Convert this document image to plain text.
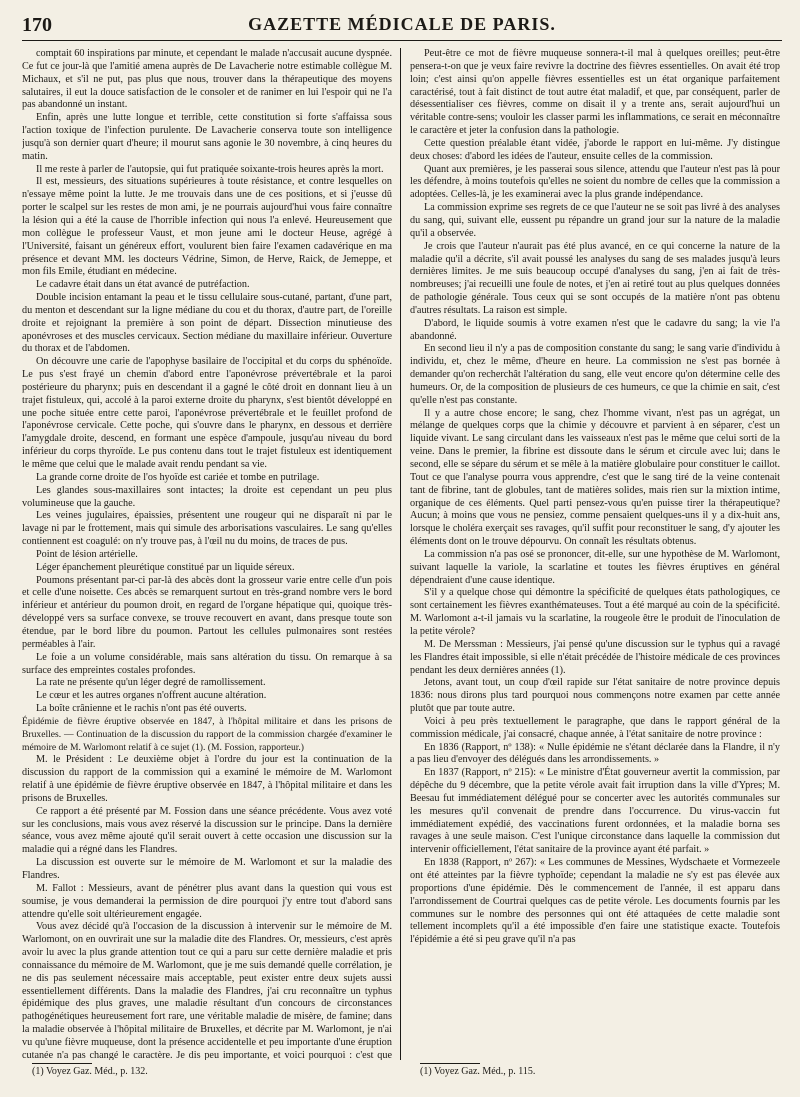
170	GAZETTE MÉDICALE DE PARIS.

comptait 60 inspirations par minute, et cependant le malade n'accusait aucune dyspnée. Ce fut ce jour-là que l'amitié amena auprès de De Lavacherie notre estimable collègue M. Michaux, et s'il ne put, pas plus que nous, trouver dans la thérapeutique des moyens salutaires, il eut la douce satisfaction de le consoler et de ranimer en lui l'espoir qui ne l'a pas abandonné un instant.

Enfin, après une lutte longue et terrible, cette constitution si forte s'affaissa sous l'action toxique de l'infection purulente. De Lavacherie conserva toute son intelligence jusqu'à son dernier quart d'heure; il mourut sans agonie le 30 novembre, à cinq heures du matin.

Il me reste à parler de l'autopsie, qui fut pratiquée soixante-trois heures après la mort.

Il est, messieurs, des situations supérieures à toute résistance, et contre lesquelles on n'essaye même point la lutte. Je me trouvais dans une de ces positions, et si j'eusse dû porter le scalpel sur les restes de mon ami, je ne pourrais aujourd'hui vous faire connaître la lésion qui a été la cause de l'horrible infection qui nous l'a enlevé. Heureusement que mon collègue le professeur Vaust, et mon jeune ami le docteur Heuse, agrégé à l'Université, faisant un généreux effort, voulurent bien faire l'examen cadavérique en ma présence et devant MM. les docteurs Védrine, Simon, de Herve, Raick, de Jemeppe, et mon fils Emile, étudiant en médecine.

Le cadavre était dans un état avancé de putréfaction.

Double incision entamant la peau et le tissu cellulaire sous-cutané, partant, d'une part, du menton et descendant sur la ligne médiane du cou et du thorax, d'autre part, de l'oreille droite et rejoignant la première à son point de départ. Dissection minutieuse des aponévroses et des muscles cervicaux. Section médiane du maxillaire inférieur. Ouverture du thorax et de l'abdomen.

On découvre une carie de l'apophyse basilaire de l'occipital et du corps du sphénoïde. Le pus s'est frayé un chemin d'abord entre l'aponévrose prévertébrale et la paroi postérieure du pharynx; puis en descendant il a gagné le côté droit en donnant lieu à un trajet fistuleux, qui, accolé à la paroi externe droite du pharynx, s'est bientôt développé en une poche située entre cette paroi, l'aponévrose prévertébrale et le feuillet profond de l'aponévrose cervicale. Cette poche, qui s'ouvre dans le pharynx, en dessous et derrière l'amygdale droite, descend, en formant une espèce d'ampoule, jusqu'au niveau du bord inférieur du corps thyroïde. Le pus contenu dans tout le trajet fistuleux est identiquement le même que celui que le malade avait rendu pendant sa vie.

La grande corne droite de l'os hyoïde est cariée et tombe en putrilage.

Les glandes sous-maxillaires sont intactes; la droite est cependant un peu plus volumineuse que la gauche.

Les veines jugulaires, épaissies, présentent une rougeur qui ne disparaît ni par le lavage ni par le frottement, mais qui simule des arborisations vasculaires. Le sang qu'elles contiennent est coagulé: on n'y trouve pas, à l'œil nu du moins, de traces de pus.

Point de lésion artérielle.

Léger épanchement pleurétique constitué par un liquide séreux.

Poumons présentant par-ci par-là des abcès dont la grosseur varie entre celle d'un pois et celle d'une noisette. Ces abcès se remarquent surtout en très-grand nombre vers le bord inférieur et antérieur du poumon droit, en regard de l'organe hépatique qui, quoique très-développé vers sa surface convexe, se trouve recouvert en avant, dans presque toute son étendue, par le bord libre du poumon. Partout les cellules pulmonaires sont restées perméables à l'air.

Le foie a un volume considérable, mais sans altération du tissu. On remarque à sa surface des empreintes costales profondes.

La rate ne présente qu'un léger degré de ramollissement.

Le cœur et les autres organes n'offrent aucune altération.

La boîte crânienne et le rachis n'ont pas été ouverts.

Épidémie de fièvre éruptive observée en 1847, à l'hôpital militaire et dans les prisons de Bruxelles. — Continuation de la discussion du rapport de la commission chargée d'examiner le mémoire de M. Warlomont relatif à ce sujet (1). (M. Fossion, rapporteur.)

M. le Président : Le deuxième objet à l'ordre du jour est la continuation de la discussion du rapport de la commission qui a examiné le mémoire de M. Warlomont relatif à une épidémie de fièvre éruptive observée en 1847, à l'hôpital militaire et dans les prisons de Bruxelles.

Ce rapport a été présenté par M. Fossion dans une séance précédente. Vous avez voté sur les conclusions, mais vous avez réservé la discussion sur le principe. Dans la dernière séance, vous avez même ajouté qu'il serait ouvert à cette occasion une discussion sur la maladie qui a régné dans les Flandres.

La discussion est ouverte sur le mémoire de M. Warlomont et sur la maladie des Flandres.

M. Fallot : Messieurs, avant de pénétrer plus avant dans la question qui vous est soumise, je vous demanderai la permission de dire pourquoi j'y entre tout d'abord sans attendre qu'elle soit ultérieurement engagée.

Vous avez décidé qu'à l'occasion de la discussion à intervenir sur le mémoire de M. Warlomont, on en ouvrirait une sur la maladie dite des Flandres. Or, messieurs, c'est après avoir lu avec la plus grande attention tout ce qui a paru sur cette dernière maladie et pris connaissance du mémoire de M. Warlomont, que je me suis demandé quelle corrélation, je ne dis pas seulement nécessaire mais acceptable, peut exister entre deux sujets aussi essentiellement différents. Dans la maladie des Flandres, j'ai cru reconnaître un typhus épidémique des plus graves, une maladie résultant d'un concours de circonstances pathogénétiques heureusement fort rare, une véritable maladie de misère, de famine; dans la maladie observée à l'hôpital militaire de Bruxelles, et décrite par M. Warlomont, je n'ai vu qu'une fièvre muqueuse, dont la présence accidentelle et peu importante d'une éruption cutanée n'a pas changé le caractère. Je dis peu importante, et voici pourquoi : c'est que

Peut-être ce mot de fièvre muqueuse sonnera-t-il mal à quelques oreilles; peut-être pensera-t-on que je veux faire revivre la doctrine des fièvres essentielles. On avait été trop loin; c'est ainsi qu'on appelle fièvres essentielles est un état organique parfaitement caractérisé, tout à fait distinct de tout autre état maladif, et que, par conséquent, parler de désessentialiser ces fièvres, comme on disait il y a trente ans, serait aujourd'hui un véritable contre-sens; vouloir les classer parmi les inflammations, ce serait en méconnaître le caractère et jeter la confusion dans la pathologie.

Cette question préalable étant vidée, j'aborde le rapport en lui-même. J'y distingue deux choses: d'abord les idées de l'auteur, ensuite celles de la commission.

Quant aux premières, je les passerai sous silence, attendu que l'auteur n'est pas là pour les défendre, à moins toutefois qu'elles ne soient du nombre de celles que la commission a adoptées. Celles-là, je les examinerai avec la plus grande indépendance.

La commission exprime ses regrets de ce que l'auteur ne se soit pas livré à des analyses du sang, qui, suivant elle, eussent pu répandre un grand jour sur la nature de la maladie qu'il a observée.

Je crois que l'auteur n'aurait pas été plus avancé, en ce qui concerne la nature de la maladie qu'il a décrite, s'il avait poussé les analyses du sang de ses malades jusqu'à leurs dernières limites. Je me suis beaucoup occupé d'analyses du sang, j'en ai fait de très-nombreuses; j'ai recueilli une foule de notes, et j'en ai retiré tout au plus quelques données de pathologie générale. Tous ceux qui se sont occupés de la matière n'ont pas obtenu d'autres résultats. La raison est simple.

D'abord, le liquide soumis à votre examen n'est que le cadavre du sang; la vie l'a abandonné.

En second lieu il n'y a pas de composition constante du sang; le sang varie d'individu à individu, et, chez le même, d'heure en heure. La commission ne s'est pas bornée à demander qu'on recherchât l'altération du sang, elle veut encore qu'on détermine celle des humeurs. Or, de la composition de plusieurs de ces humeurs, ce que la chimie en sait, c'est qu'elle n'est pas constante.

Il y a autre chose encore; le sang, chez l'homme vivant, n'est pas un agrégat, un mélange de quelques corps que la chimie y découvre et parvient à en séparer, c'est un liquide vivant. Le sang circulant dans les vaisseaux n'est pas le même que celui sorti de la veine. Dans le premier, la fibrine est dissoute dans le sérum et circule avec lui; dans le second, elle se sépare du sérum et se mêle à la matière globulaire pour constituer le caillot. Tout ce que l'analyse pourra vous apprendre, c'est que le sang tiré de la veine contenait tant de fibrine, tant de globules, tant de matières solides, mais rien sur la mixtion intime, organique de ces éléments. Quel parti pensez-vous qu'en puisse tirer la thérapeutique? Aucun; à moins que vous ne pensiez, comme pensaient quelques-uns il y a dix-huit ans, lorsque le choléra exerçait ses ravages, qu'il suffit pour reconstituer le sang, d'y ajouter les éléments dont on le trouve dépourvu. On connaît les résultats obtenus.

La commission n'a pas osé se prononcer, dit-elle, sur une hypothèse de M. Warlomont, suivant laquelle la variole, la scarlatine et toutes les fièvres éruptives en général dépendraient d'une cause identique.

S'il y a quelque chose qui démontre la spécificité de quelques états pathologiques, ce sont certainement les fièvres exanthémateuses. Tout a été marqué au coin de la spécificité. M. Warlomont a-t-il jamais vu la scarlatine, la rougeole être le produit de l'inoculation de la petite vérole?

M. De Merssman : Messieurs, j'ai pensé qu'une discussion sur le typhus qui a ravagé les Flandres était impossible, si elle n'était précédée de l'histoire médicale de ces provinces pendant les deux dernières années (1).

Jetons, avant tout, un coup d'œil rapide sur l'état sanitaire de notre province depuis 1836: nous dirons plus tard pourquoi nous commençons notre examen par cette année plutôt que par toute autre.

Voici à peu près textuellement le paragraphe, que dans le rapport général de la commission médicale, j'ai consacré, chaque année, à l'état sanitaire de notre province :

En 1836 (Rapport, nº 138): « Nulle épidémie ne s'étant déclarée dans la Flandre, il n'y a pas lieu d'envoyer des délégués dans les arrondissements. »

En 1837 (Rapport, nº 215): « Le ministre d'État gouverneur avertit la commission, par dépêche du 9 décembre, que la petite vérole avait fait irruption dans la ville d'Ypres; M. Beesau fut immédiatement délégué pour se concerter avec les autorités communales sur les mesures qu'il convenait de prendre dans l'occurrence. Du virus-vaccin fut immédiatement expédié, des vaccinations furent ordonnées, et la maladie borna ses ravages à une seule maison. C'est l'unique circonstance dans laquelle la commission dut intervenir officiellement, l'état sanitaire de la province ayant été parfait. »

En 1838 (Rapport, nº 267): « Les communes de Messines, Wydschaete et Vormezeele ont été atteintes par la fièvre typhoïde; cependant la maladie ne s'y est pas élevée aux proportions d'une épidémie. Dès le commencement de l'année, il est apparu dans l'arrondissement de Courtrai quelques cas de petite vérole. Les documents fournis par les communes sur le nombre des personnes qui ont été attaquées de cette maladie sont tellement incomplets qu'il a été impossible d'en faire une statistique exacte. Toutefois l'épidémie a été si peu grave qu'il n'a pas

(1) Voyez Gaz. Méd., p. 132.	(1) Voyez Gaz. Méd., p. 115.
